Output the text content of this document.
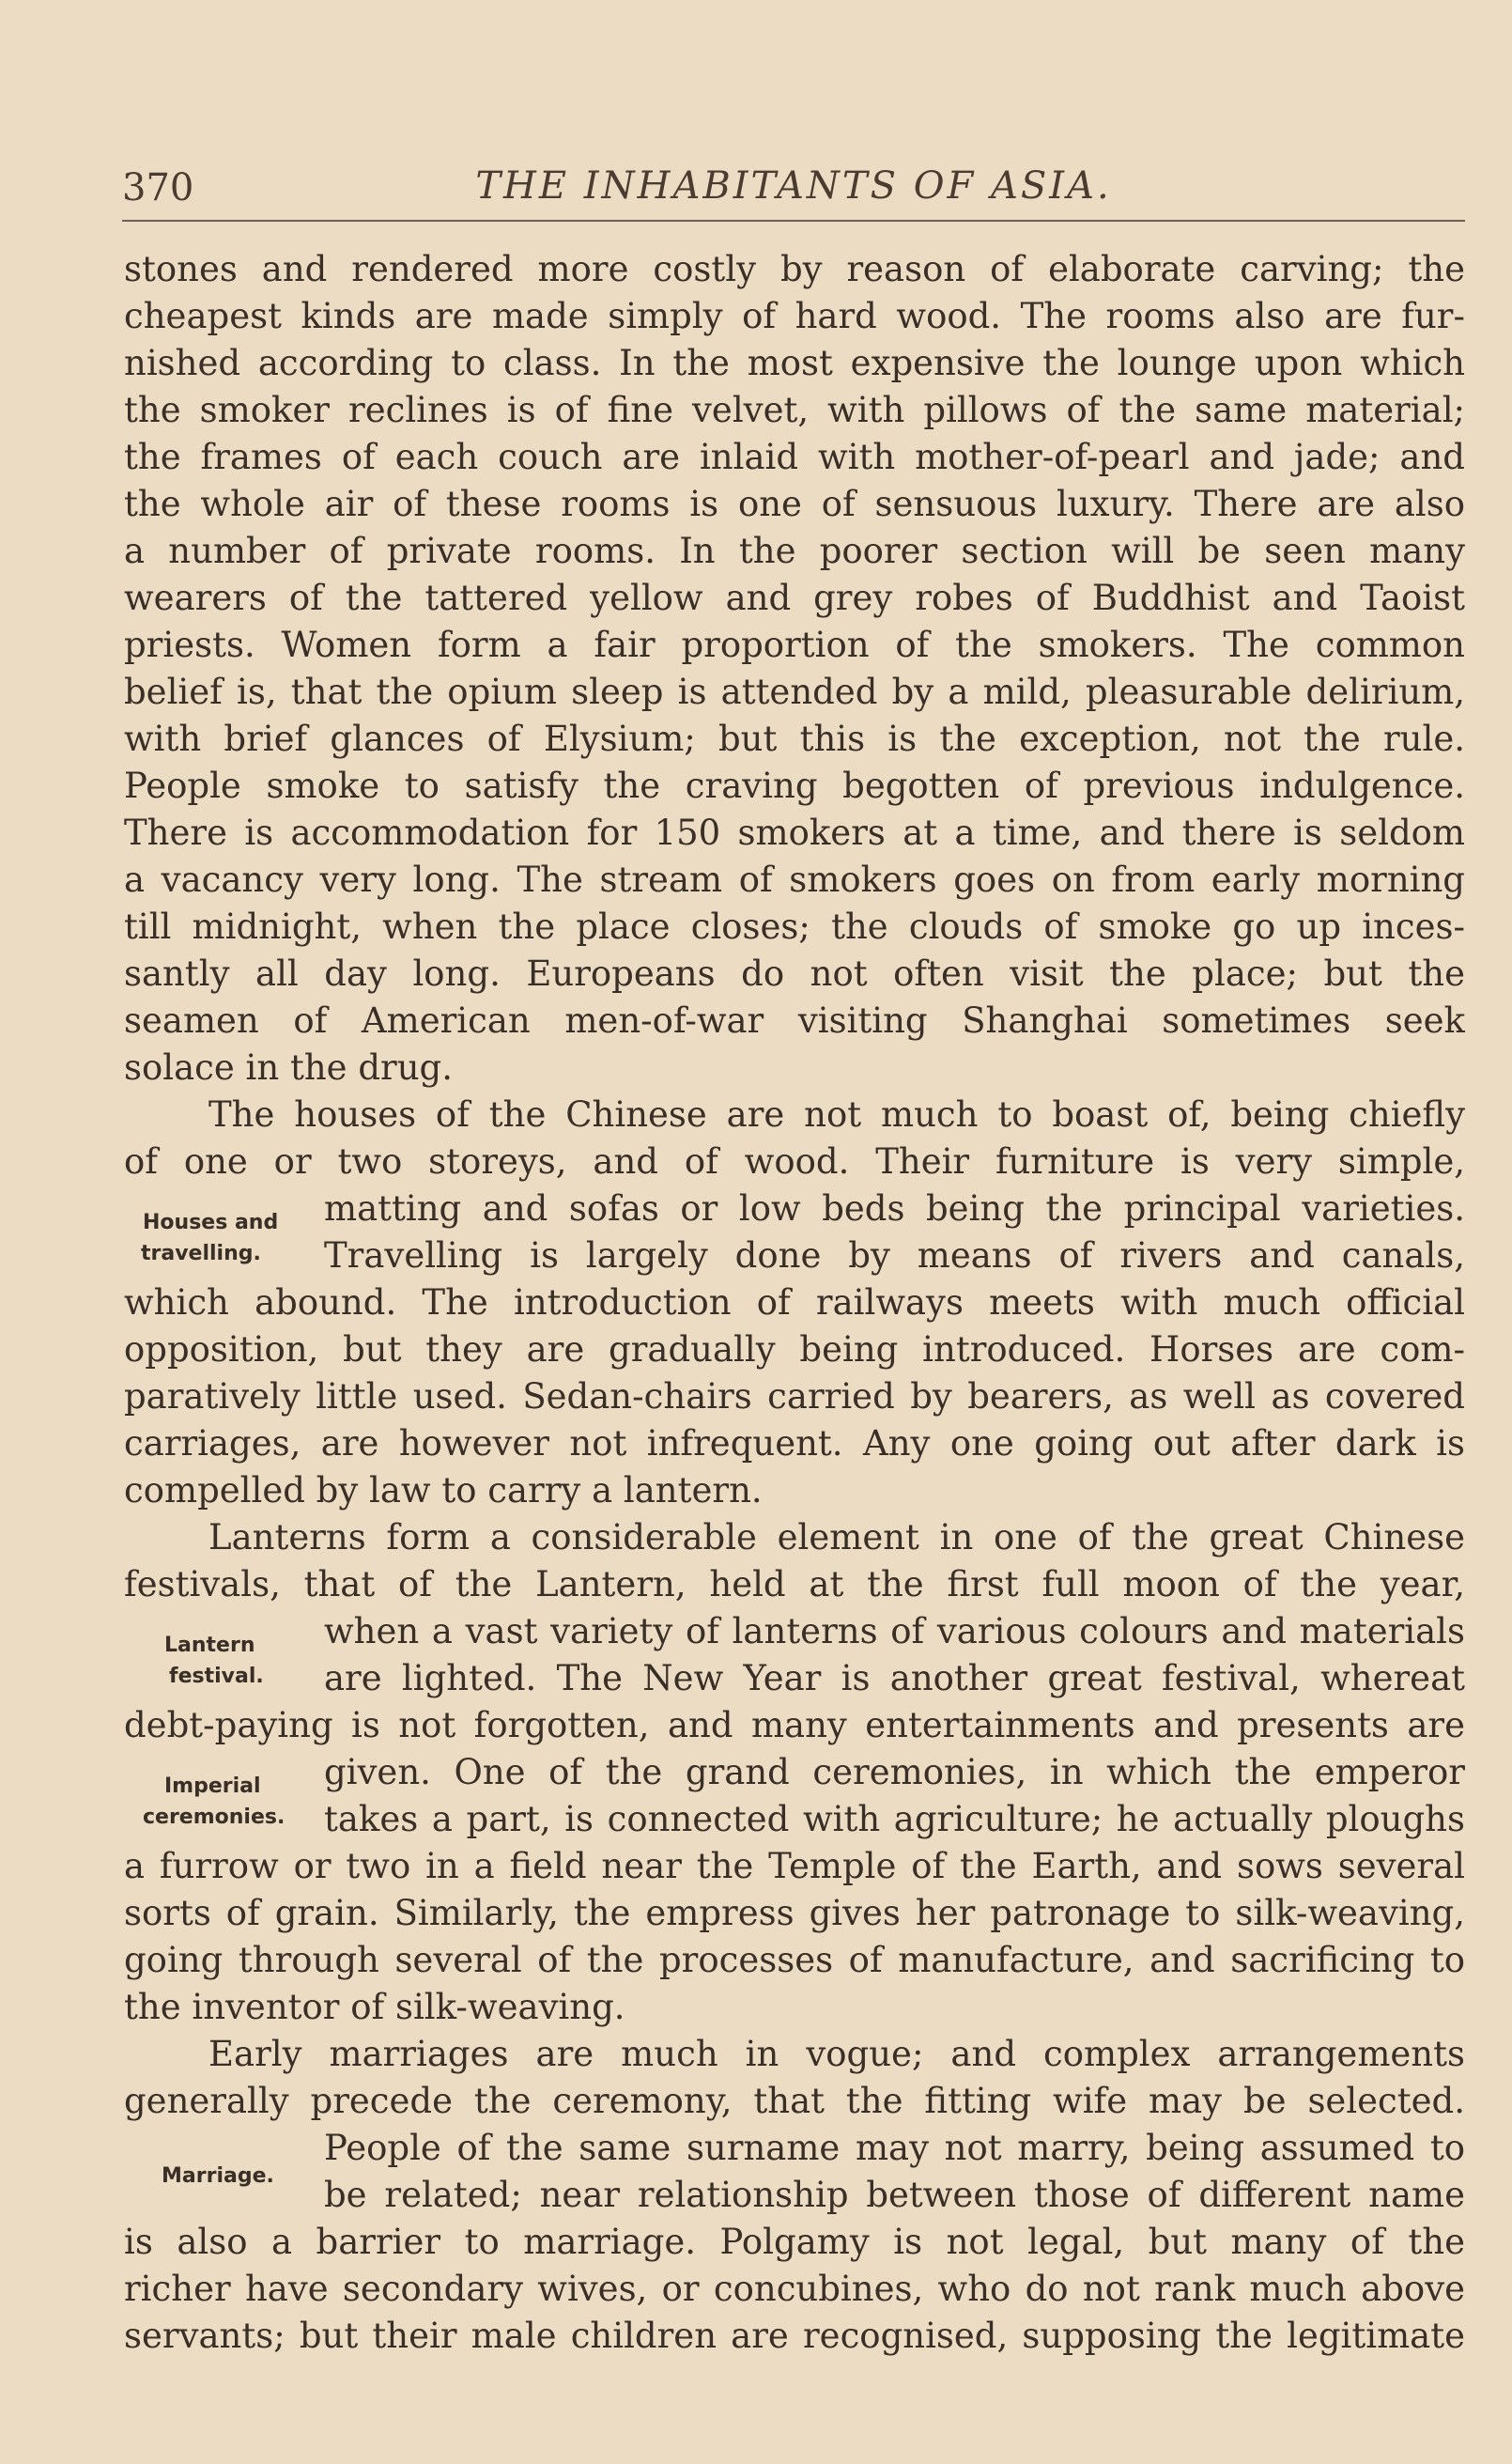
370	THE INHABITANTS OF ASIA.
stones and rendered more costly by reason of elaborate carving; the
cheapest kinds are made simply of hard wood. The rooms also are fur-
nished according to class. In the most expensive the lounge upon which
the smoker reclines is of fine velvet, with pillows of the same material;
the frames of each couch are inlaid with mother-of-pearl and jade; and
the whole air of these rooms is one of sensuous luxury. There are also
a number of private rooms. In the poorer section will be seen many
wearers of the tattered yellow and grey robes of Buddhist and Taoist
priests. Women form a fair proportion of the smokers. The common
belief is, that the opium sleep is attended by a mild, pleasurable delirium,
with brief glances of Elysium; but this is the exception, not the rule.
People smoke to satisfy the craving begotten of previous indulgence.
There is accommodation for 150 smokers at a time, and there is seldom
a vacancy very long. The stream of smokers goes on from early morning
till midnight, when the place closes; the clouds of smoke go up inces-
santly all day long. Europeans do not often visit the place; but the
seamen of American men-of-war visiting Shanghai sometimes seek
solace in the drug.
The houses of the Chinese are not much to boast of, being chiefly
of one or two storeys, and of wood. Their furniture is very simple,
matting and sofas or low beds being the principal varieties.
Travelling is largely done by means of rivers and canals,
which abound. The introduction of railways meets with much official
opposition, but they are gradually being introduced. Horses are com-
paratively little used. Sedan-chairs carried by bearers, as well as covered
carriages, are however not infrequent. Any one going out after dark is
compelled by law to carry a lantern.
Lanterns form a considerable element in one of the great Chinese
festivals, that of the Lantern, held at the first full moon of the year,
when a vast variety of lanterns of various colours and materials
are lighted. The New Year is another great festival, whereat
debt-paying is not forgotten, and many entertainments and presents are
given. One of the grand ceremonies, in which the emperor
takes a part, is connected with agriculture; he actually ploughs
a furrow or two in a field near the Temple of the Earth, and sows several
sorts of grain. Similarly, the empress gives her patronage to silk-weaving,
going through several of the processes of manufacture, and sacrificing to
the inventor of silk-weaving.
Early marriages are much in vogue; and complex arrangements
generally precede the ceremony, that the fitting wife may be selected.
People of the same surname may not marry, being assumed to
be related; near relationship between those of different name
is also a barrier to marriage. Polgamy is not legal, but many of the
richer have secondary wives, or concubines, who do not rank much above
servants; but their male children are recognised, supposing the legitimate
Houses and
travelling.
Lantern
festival.
Imperial
ceremonies.
Marriage.
